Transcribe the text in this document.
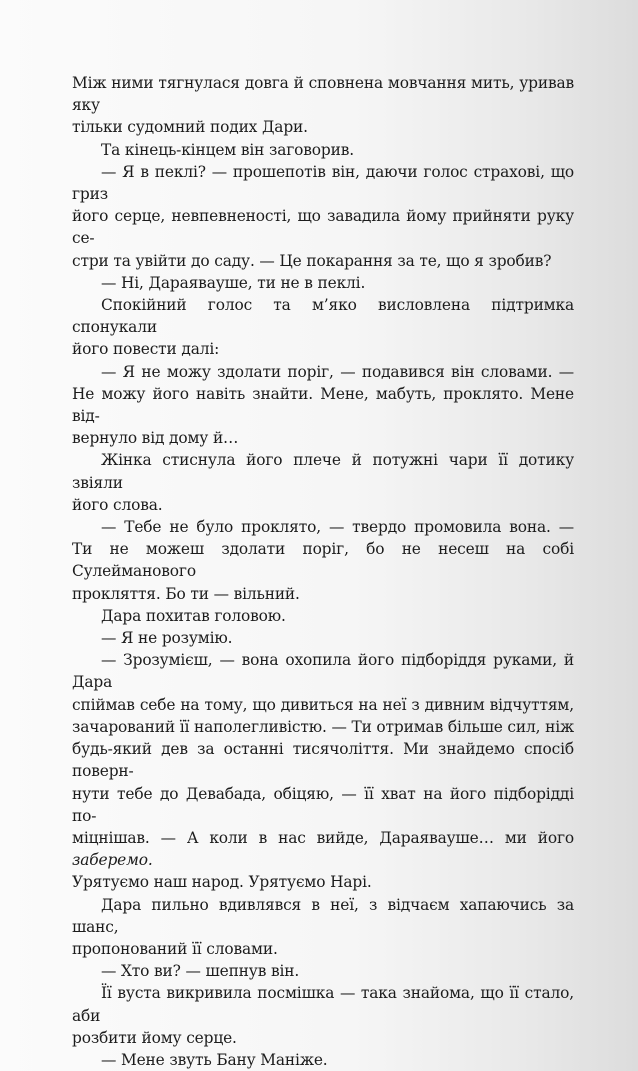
Між ними тягнулася довга й сповнена мовчання мить, уривав яку
тільки судомний подих Дари.

Та кінець-кінцем він заговорив.

— Я в пеклі? — прошепотів він, даючи голос страхові, що гриз
його серце, невпевненості, що завадила йому прийняти руку се-
стри та увійти до саду. — Це покарання за те, що я зробив?

— Ні, Дараявауше, ти не в пеклі.

Спокійний голос та м’яко висловлена підтримка спонукали
його повести далі:

— Я не можу здолати поріг, — подавився він словами. —
Не можу його навіть знайти. Мене, мабуть, проклято. Мене від-
вернуло від дому й…

Жінка стиснула його плече й потужні чари її дотику звіяли
його слова.

— Тебе не було проклято, — твердо промовила вона. —
Ти не можеш здолати поріг, бо не несеш на собі Сулейманового
прокляття. Бо ти — вільний.

Дара похитав головою.

— Я не розумію.

— Зрозумієш, — вона охопила його підборіддя руками, й Дара
спіймав себе на тому, що дивиться на неї з дивним відчуттям,
зачарований її наполегливістю. — Ти отримав більше сил, ніж
будь-який дев за останні тисячоліття. Ми знайдемо спосіб поверн-
нути тебе до Девабада, обіцяю, — її хват на його підборідді по-
міцнішав. — А коли в нас вийде, Дараявауше… ми його заберемо.
Урятуємо наш народ. Урятуємо Нарі.

Дара пильно вдивлявся в неї, з відчаєм хапаючись за шанс,
пропонований її словами.

— Хто ви? — шепнув він.

Її вуста викривила посмішка — така знайома, що її стало, аби
розбити йому серце.

— Мене звуть Бану Маніже.
